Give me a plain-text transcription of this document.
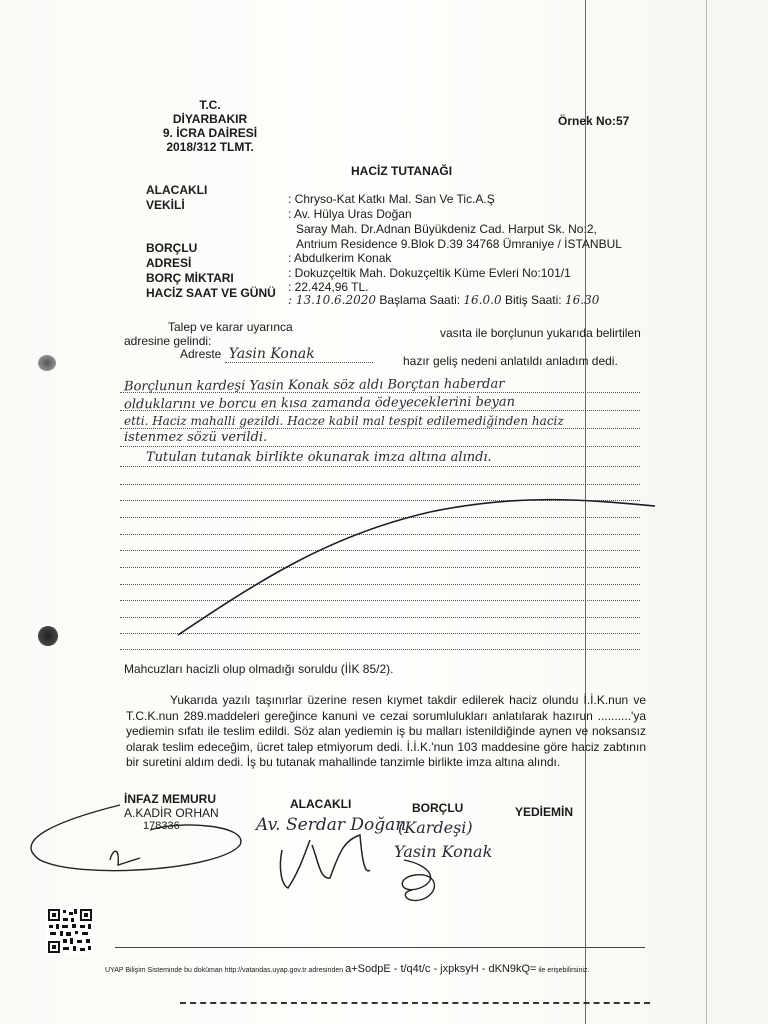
T.C.
DİYARBAKIR
9. İCRA DAİRESİ
2018/312 TLMT.
Örnek No:57
HACİZ TUTANAĞI
ALACAKLI
: Chryso-Kat Katkı Mal. San Ve Tic.A.Ş
VEKİLİ
: Av. Hülya Uras Doğan
Saray Mah. Dr.Adnan Büyükdeniz Cad. Harput Sk. No:2,
Antrium Residence 9.Blok D.39 34768 Ümraniye / İSTANBUL
BORÇLU
: Abdulkerim Konak
ADRESİ
: Dokuzçeltik Mah. Dokuzçeltik Küme Evleri No:101/1
BORÇ MİKTARI
: 22.424,96 TL.
HACİZ SAAT VE GÜNÜ : 13.10.6.2020 Başlama Saati: 16.0.0 Bitiş Saati: 16.30
Talep ve karar uyarınca	vasıta ile borçlunun yukarıda belirtilen
adresine gelindi:
Adreste Yasin Konak	hazır geliş nedeni anlatıldı anladım dedi.
Borçlunun kardeşi Yasin Konak söz aldı Borçtan haberdar
olduklarını ve borcu en kısa zamanda ödeyeceklerini beyan
etti. Haciz mahalli gezildi. Hacze kabil mal tespit edilemediğinden haciz
istenmez sözü verildi.
Tutulan tutanak birlikte okunarak imza altına alındı.
Mahcuzları hacizli olup olmadığı soruldu (İİK 85/2).
Yukarıda yazılı taşınırlar üzerine resen kıymet takdir edilerek haciz olundu İ.İ.K.nun ve T.C.K.nun 289.maddeleri gereğince kanuni ve cezai sorumlulukları anlatılarak hazırun ..........'ya yediemin sıfatı ile teslim edildi. Söz alan yediemin iş bu malları istenildiğinde aynen ve noksansız olarak teslim edeceğim, ücret talep etmiyorum dedi. İ.İ.K.'nun 103 maddesine göre haciz zabtının bir suretini aldım dedi. İş bu tutanak mahallinde tanzimle birlikte imza altına alındı.
İNFAZ MEMURU
A.KADİR ORHAN
178336
ALACAKLI
Av. Serdar Doğan
BORÇLU
(Kardeşi)
Yasin Konak
YEDİEMİN
UYAP Bilişim Sisteminde bu doküman http://vatandas.uyap.gov.tr adresinden a+SodpE - t/q4t/c - jxpksyH - dKN9kQ= ile erişebilirsiniz.
